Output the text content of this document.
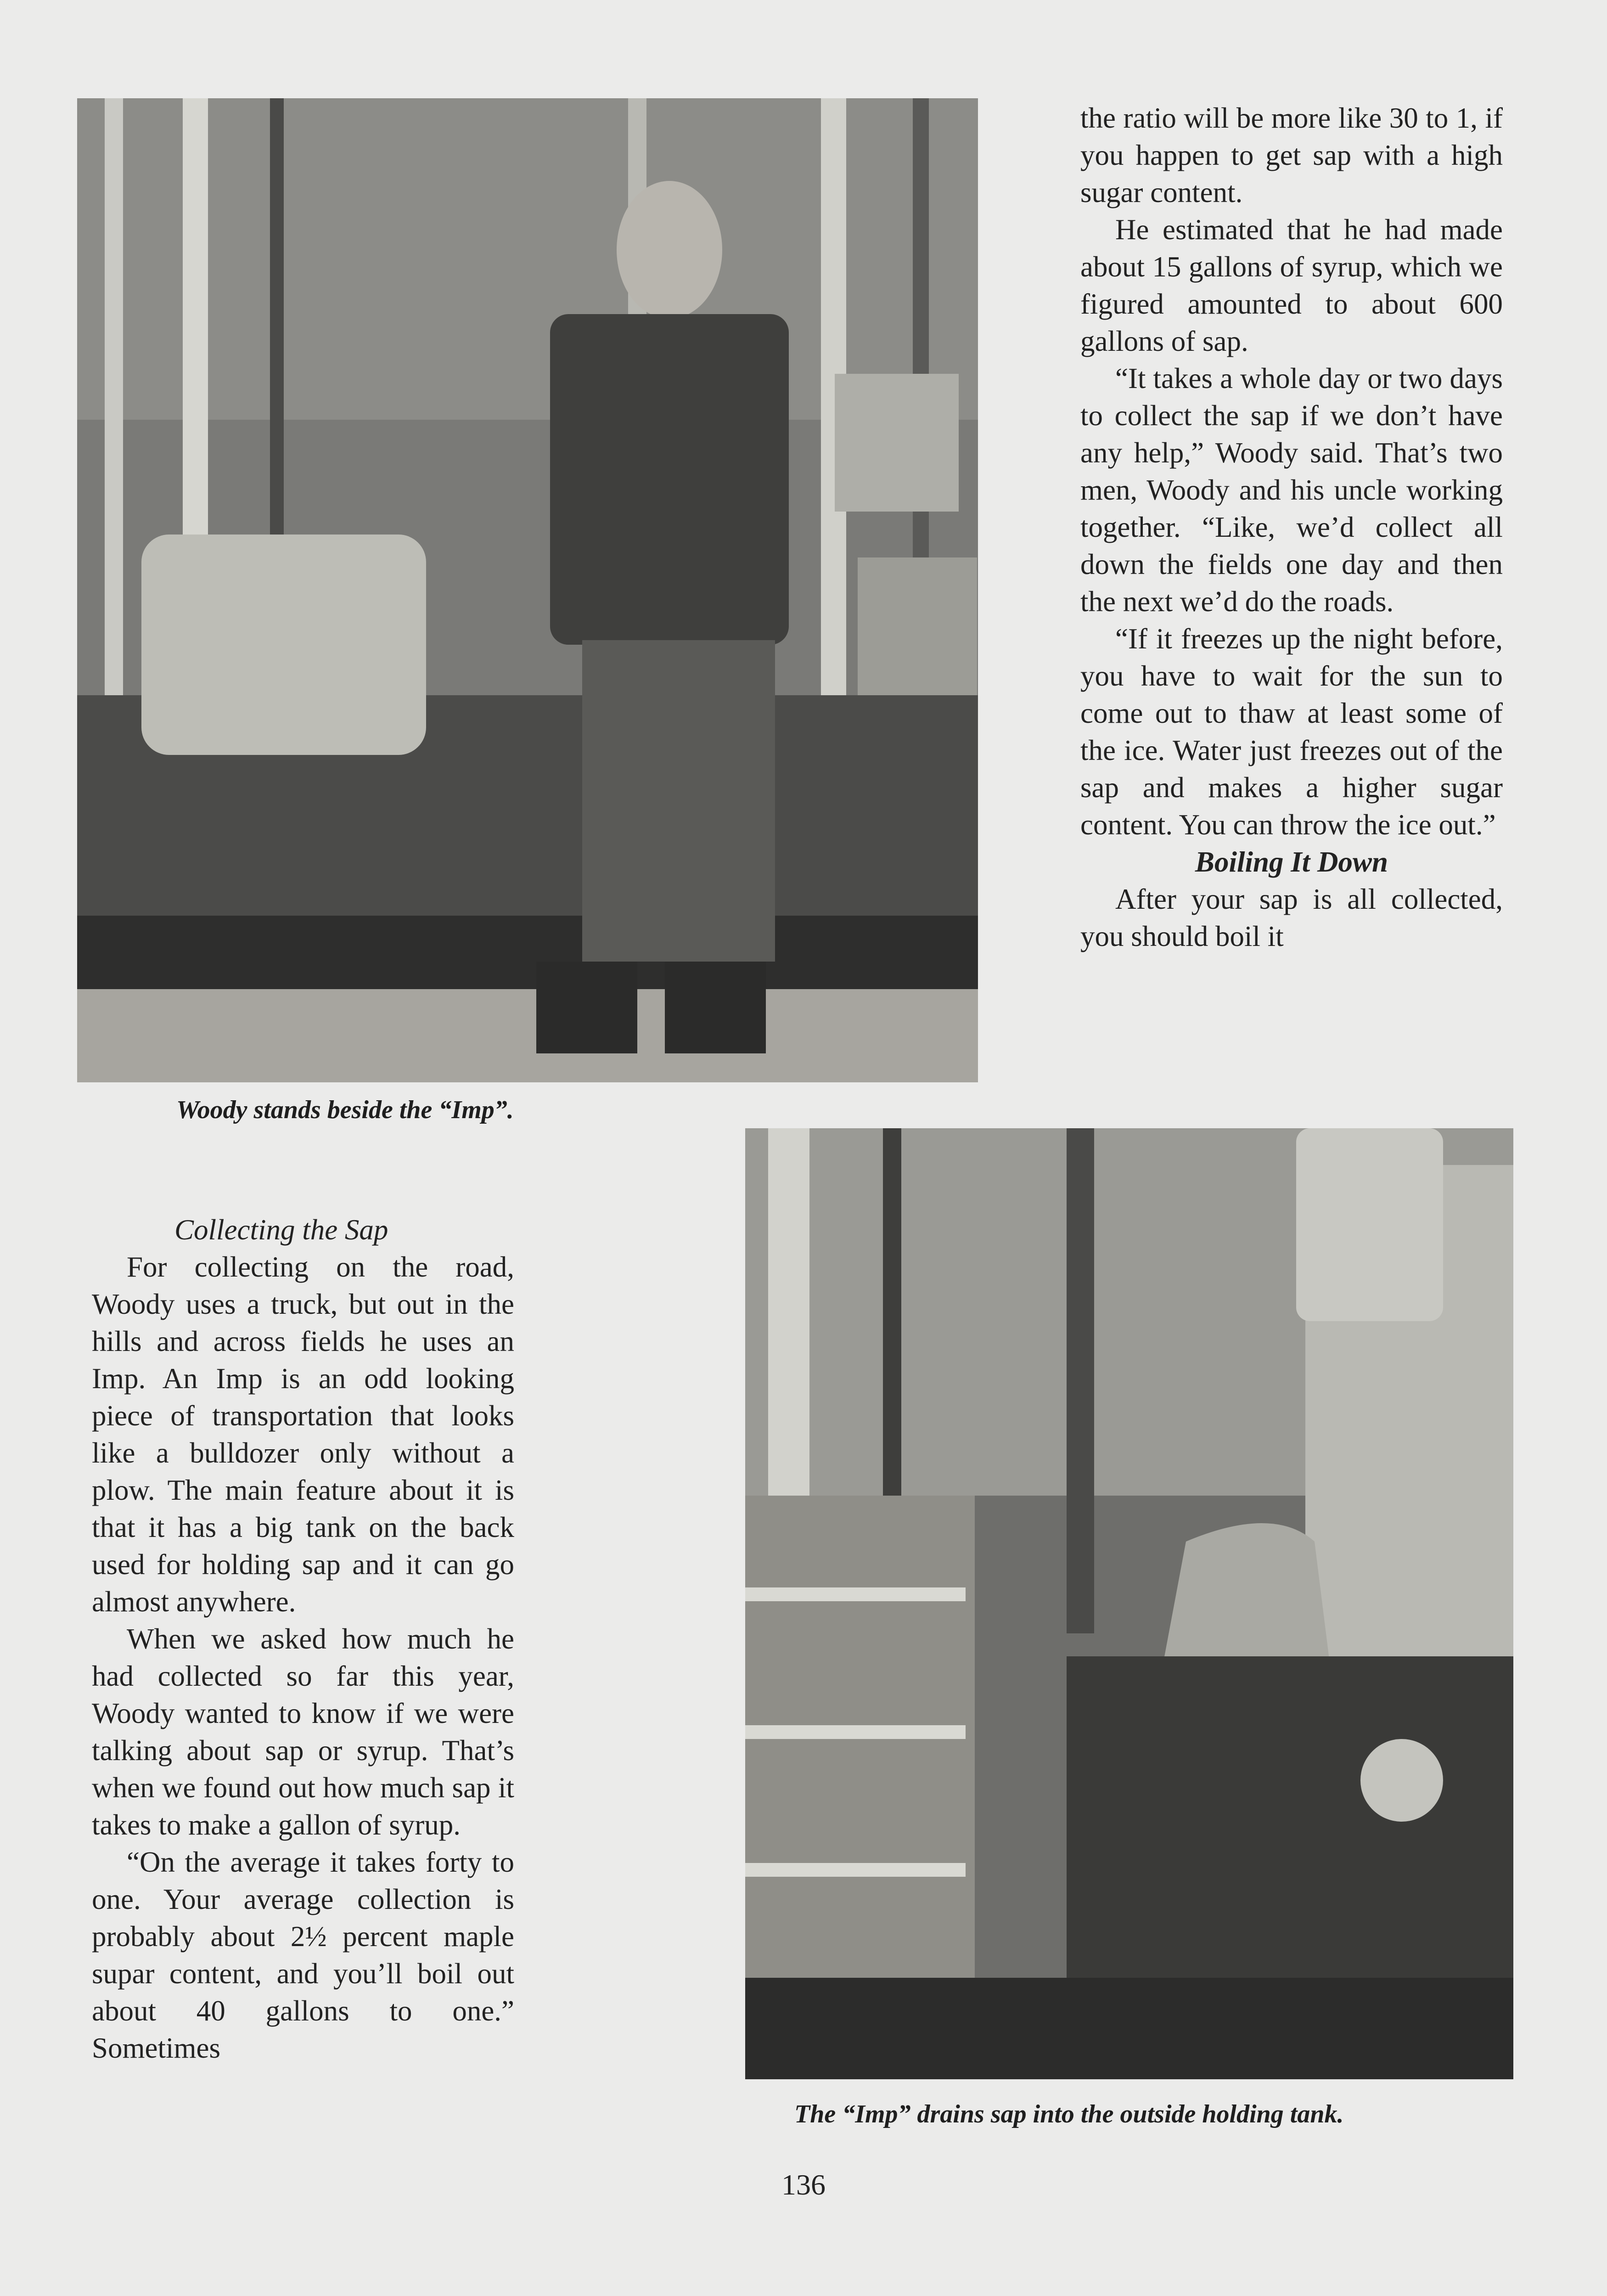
Woody stands beside the “Imp”.

the ratio will be more like 30 to 1, if you happen to get sap with a high sugar content.

He estimated that he had made about 15 gallons of syrup, which we figured amounted to about 600 gallons of sap.

“It takes a whole day or two days to collect the sap if we don’t have any help,” Woody said. That’s two men, Woody and his uncle working together. “Like, we’d collect all down the fields one day and then the next we’d do the roads.

“If it freezes up the night before, you have to wait for the sun to come out to thaw at least some of the ice. Water just freezes out of the sap and makes a higher sugar content. You can throw the ice out.”

Boiling It Down

After your sap is all collected, you should boil it

The “Imp” drains sap into the outside holding tank.
Collecting the Sap

For collecting on the road, Woody uses a truck, but out in the hills and across fields he uses an Imp. An Imp is an odd looking piece of transportation that looks like a bulldozer only without a plow. The main feature about it is that it has a big tank on the back used for holding sap and it can go almost anywhere.

When we asked how much he had collected so far this year, Woody wanted to know if we were talking about sap or syrup. That’s when we found out how much sap it takes to make a gallon of syrup.

“On the average it takes forty to one. Your average collection is probably about 2½ percent maple supar content, and you’ll boil out about 40 gallons to one.” Sometimes

136
